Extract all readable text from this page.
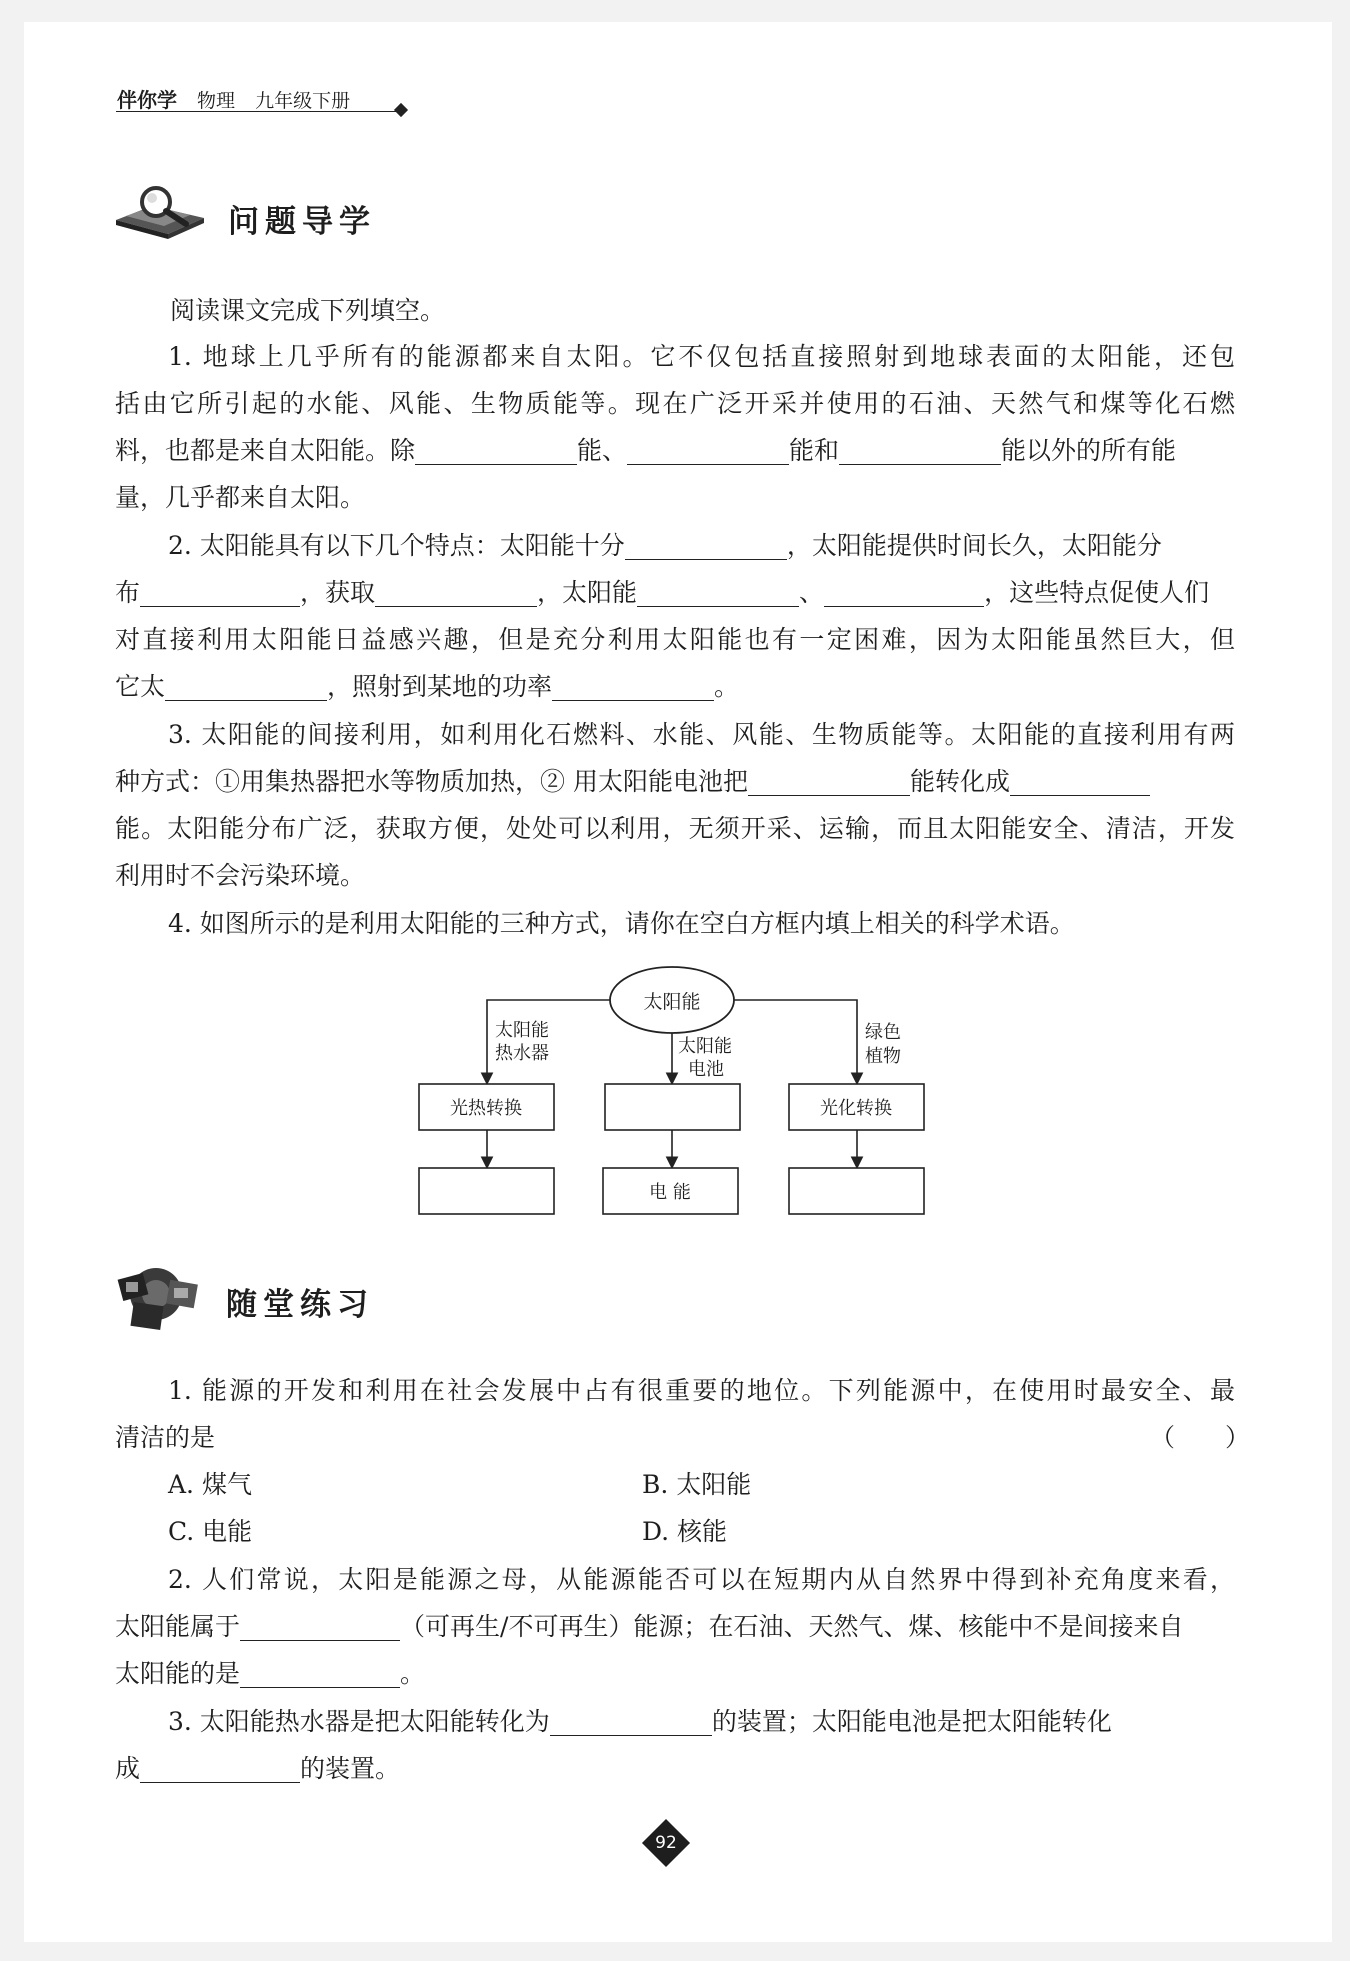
伴你学 物理 九年级下册
问题导学

阅读课文完成下列填空。

1. 地球上几乎所有的能源都来自太阳。它不仅包括直接照射到地球表面的太阳能，还包

括由它所引起的水能、风能、生物质能等。现在广泛开采并使用的石油、天然气和煤等化石燃

料，也都是来自太阳能。除	能、	能和	能以外的所有能

量，几乎都来自太阳。

2. 太阳能具有以下几个特点：太阳能十分	，太阳能提供时间长久，太阳能分

布	，获取	，太阳能	、	，这些特点促使人们

对直接利用太阳能日益感兴趣，但是充分利用太阳能也有一定困难，因为太阳能虽然巨大，但

它太	，照射到某地的功率	。

3. 太阳能的间接利用，如利用化石燃料、水能、风能、生物质能等。太阳能的直接利用有两

种方式：①用集热器把水等物质加热，② 用太阳能电池把	能转化成

能。太阳能分布广泛，获取方便，处处可以利用，无须开采、运输，而且太阳能安全、清洁，开发

利用时不会污染环境。

4. 如图所示的是利用太阳能的三种方式，请你在空白方框内填上相关的科学术语。

太阳能
太阳能
热水器	太阳能
电池
绿色
植物
光热转换	光化转换
电 能
随堂练习

1. 能源的开发和利用在社会发展中占有很重要的地位。下列能源中，在使用时最安全、最

清洁的是	（　　）
A. 煤气	B. 太阳能
C. 电能	D. 核能

2. 人们常说，太阳是能源之母，从能源能否可以在短期内从自然界中得到补充角度来看，

太阳能属于	（可再生/不可再生）能源；在石油、天然气、煤、核能中不是间接来自

太阳能的是	。

3. 太阳能热水器是把太阳能转化为	的装置；太阳能电池是把太阳能转化

成	的装置。

92
